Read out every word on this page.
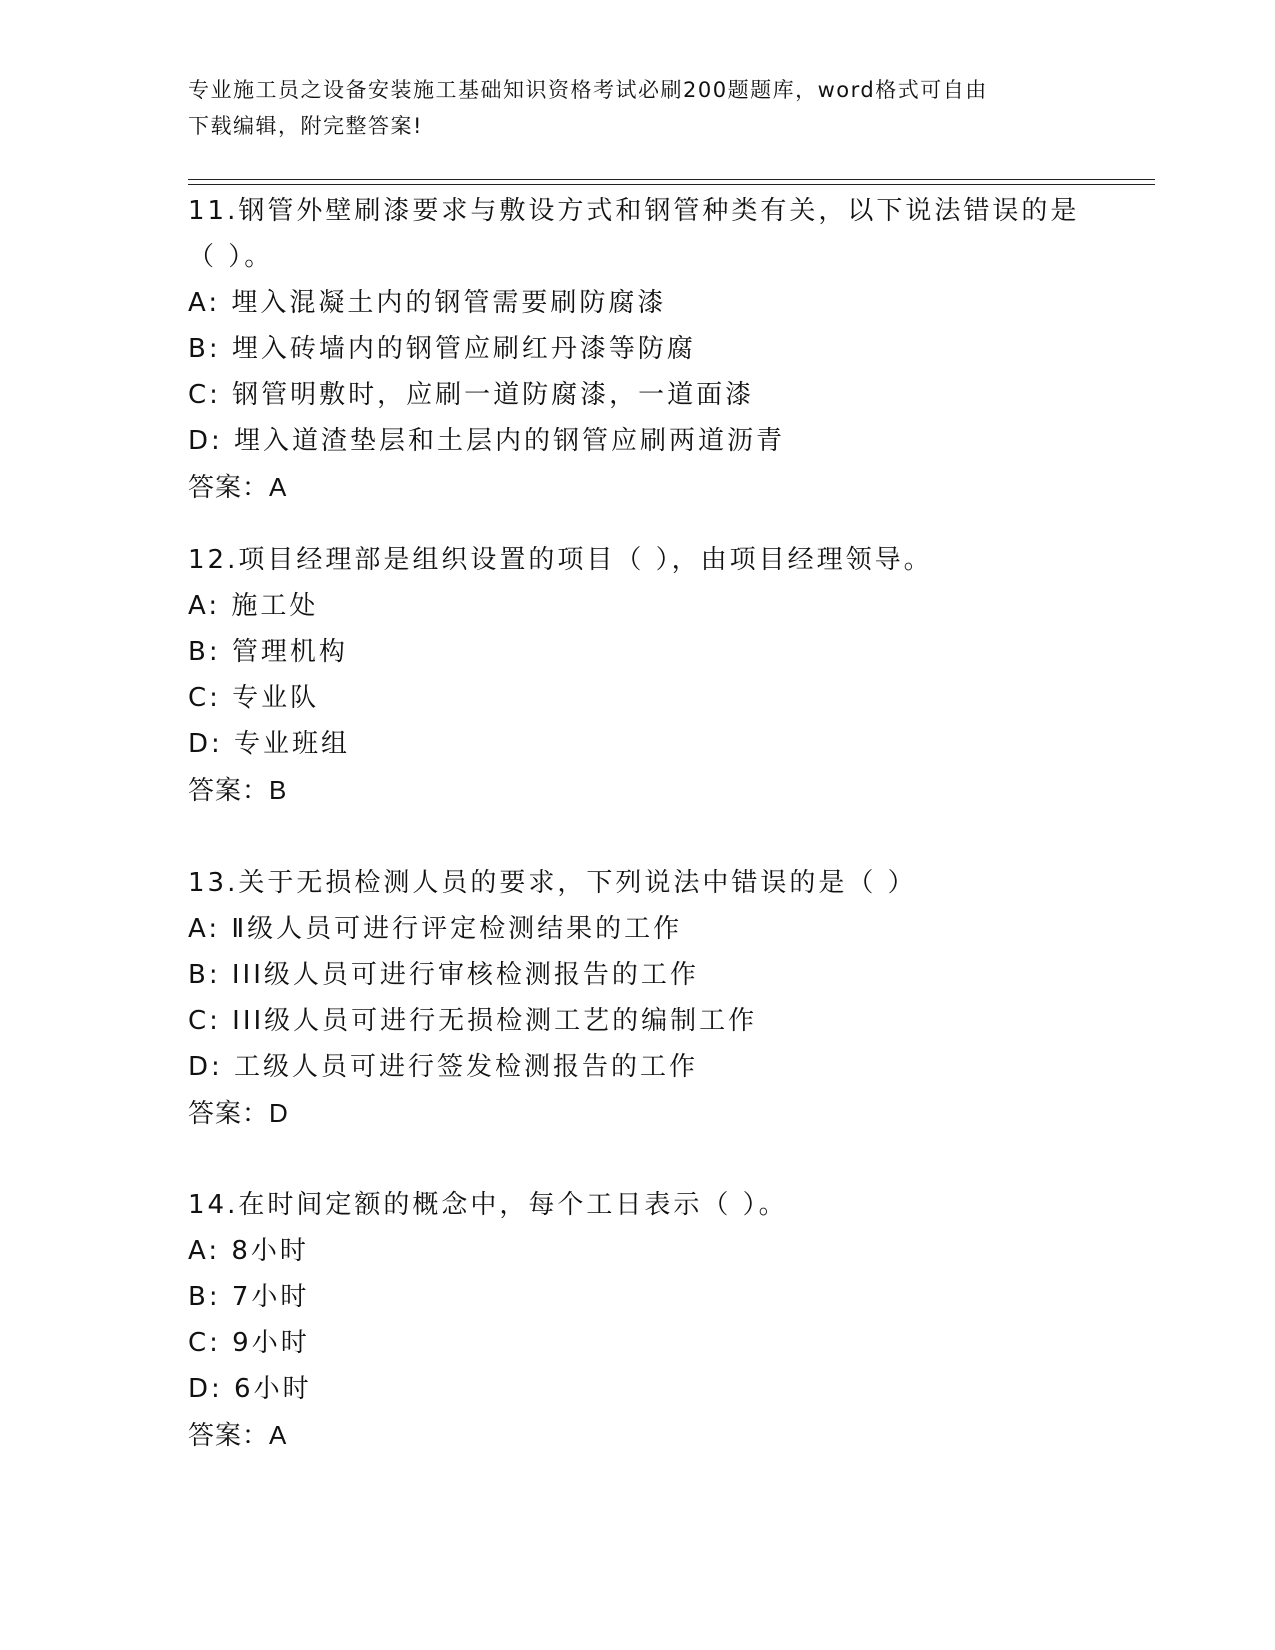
专业施工员之设备安装施工基础知识资格考试必刷200题题库，word格式可自由
下载编辑，附完整答案!
11.钢管外壁刷漆要求与敷设方式和钢管种类有关，以下说法错误的是
（ ）。
A: 埋入混凝土内的钢管需要刷防腐漆
B: 埋入砖墙内的钢管应刷红丹漆等防腐
C: 钢管明敷时，应刷一道防腐漆，一道面漆
D: 埋入道渣垫层和土层内的钢管应刷两道沥青
答案：A
12.项目经理部是组织设置的项目（ ），由项目经理领导。
A: 施工处
B: 管理机构
C: 专业队
D: 专业班组
答案：B
13.关于无损检测人员的要求，下列说法中错误的是（ ）
A: Ⅱ级人员可进行评定检测结果的工作
B: III级人员可进行审核检测报告的工作
C: III级人员可进行无损检测工艺的编制工作
D: 工级人员可进行签发检测报告的工作
答案：D
14.在时间定额的概念中，每个工日表示（ ）。
A: 8小时
B: 7小时
C: 9小时
D: 6小时
答案：A
